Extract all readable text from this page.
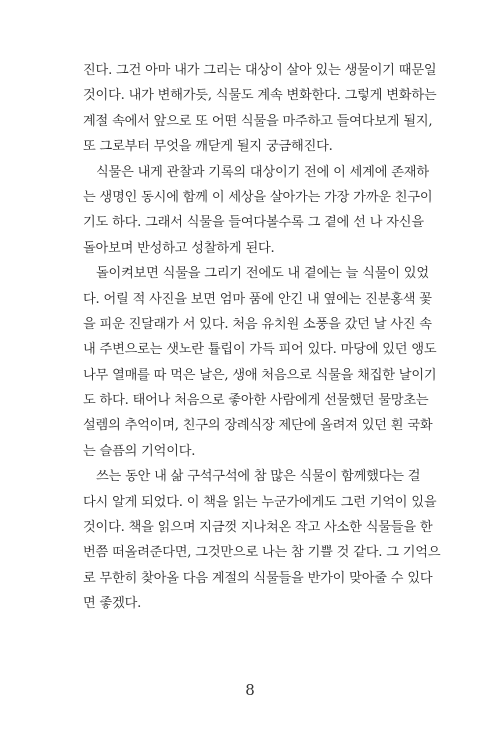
진다. 그건 아마 내가 그리는 대상이 살아 있는 생물이기 때문일
것이다. 내가 변해가듯, 식물도 계속 변화한다. 그렇게 변화하는
계절 속에서 앞으로 또 어떤 식물을 마주하고 들여다보게 될지,
또 그로부터 무엇을 깨닫게 될지 궁금해진다.
식물은 내게 관찰과 기록의 대상이기 전에 이 세계에 존재하
는 생명인 동시에 함께 이 세상을 살아가는 가장 가까운 친구이
기도 하다. 그래서 식물을 들여다볼수록 그 곁에 선 나 자신을
돌아보며 반성하고 성찰하게 된다.
돌이켜보면 식물을 그리기 전에도 내 곁에는 늘 식물이 있었
다. 어릴 적 사진을 보면 엄마 품에 안긴 내 옆에는 진분홍색 꽃
을 피운 진달래가 서 있다. 처음 유치원 소풍을 갔던 날 사진 속
내 주변으로는 샛노란 튤립이 가득 피어 있다. 마당에 있던 앵도
나무 열매를 따 먹은 날은, 생애 처음으로 식물을 채집한 날이기
도 하다. 태어나 처음으로 좋아한 사람에게 선물했던 물망초는
설렘의 추억이며, 친구의 장례식장 제단에 올려져 있던 흰 국화
는 슬픔의 기억이다.
쓰는 동안 내 삶 구석구석에 참 많은 식물이 함께했다는 걸
다시 알게 되었다. 이 책을 읽는 누군가에게도 그런 기억이 있을
것이다. 책을 읽으며 지금껏 지나쳐온 작고 사소한 식물들을 한
번쯤 떠올려준다면, 그것만으로 나는 참 기쁠 것 같다. 그 기억으
로 무한히 찾아올 다음 계절의 식물들을 반가이 맞아줄 수 있다
면 좋겠다.
8
